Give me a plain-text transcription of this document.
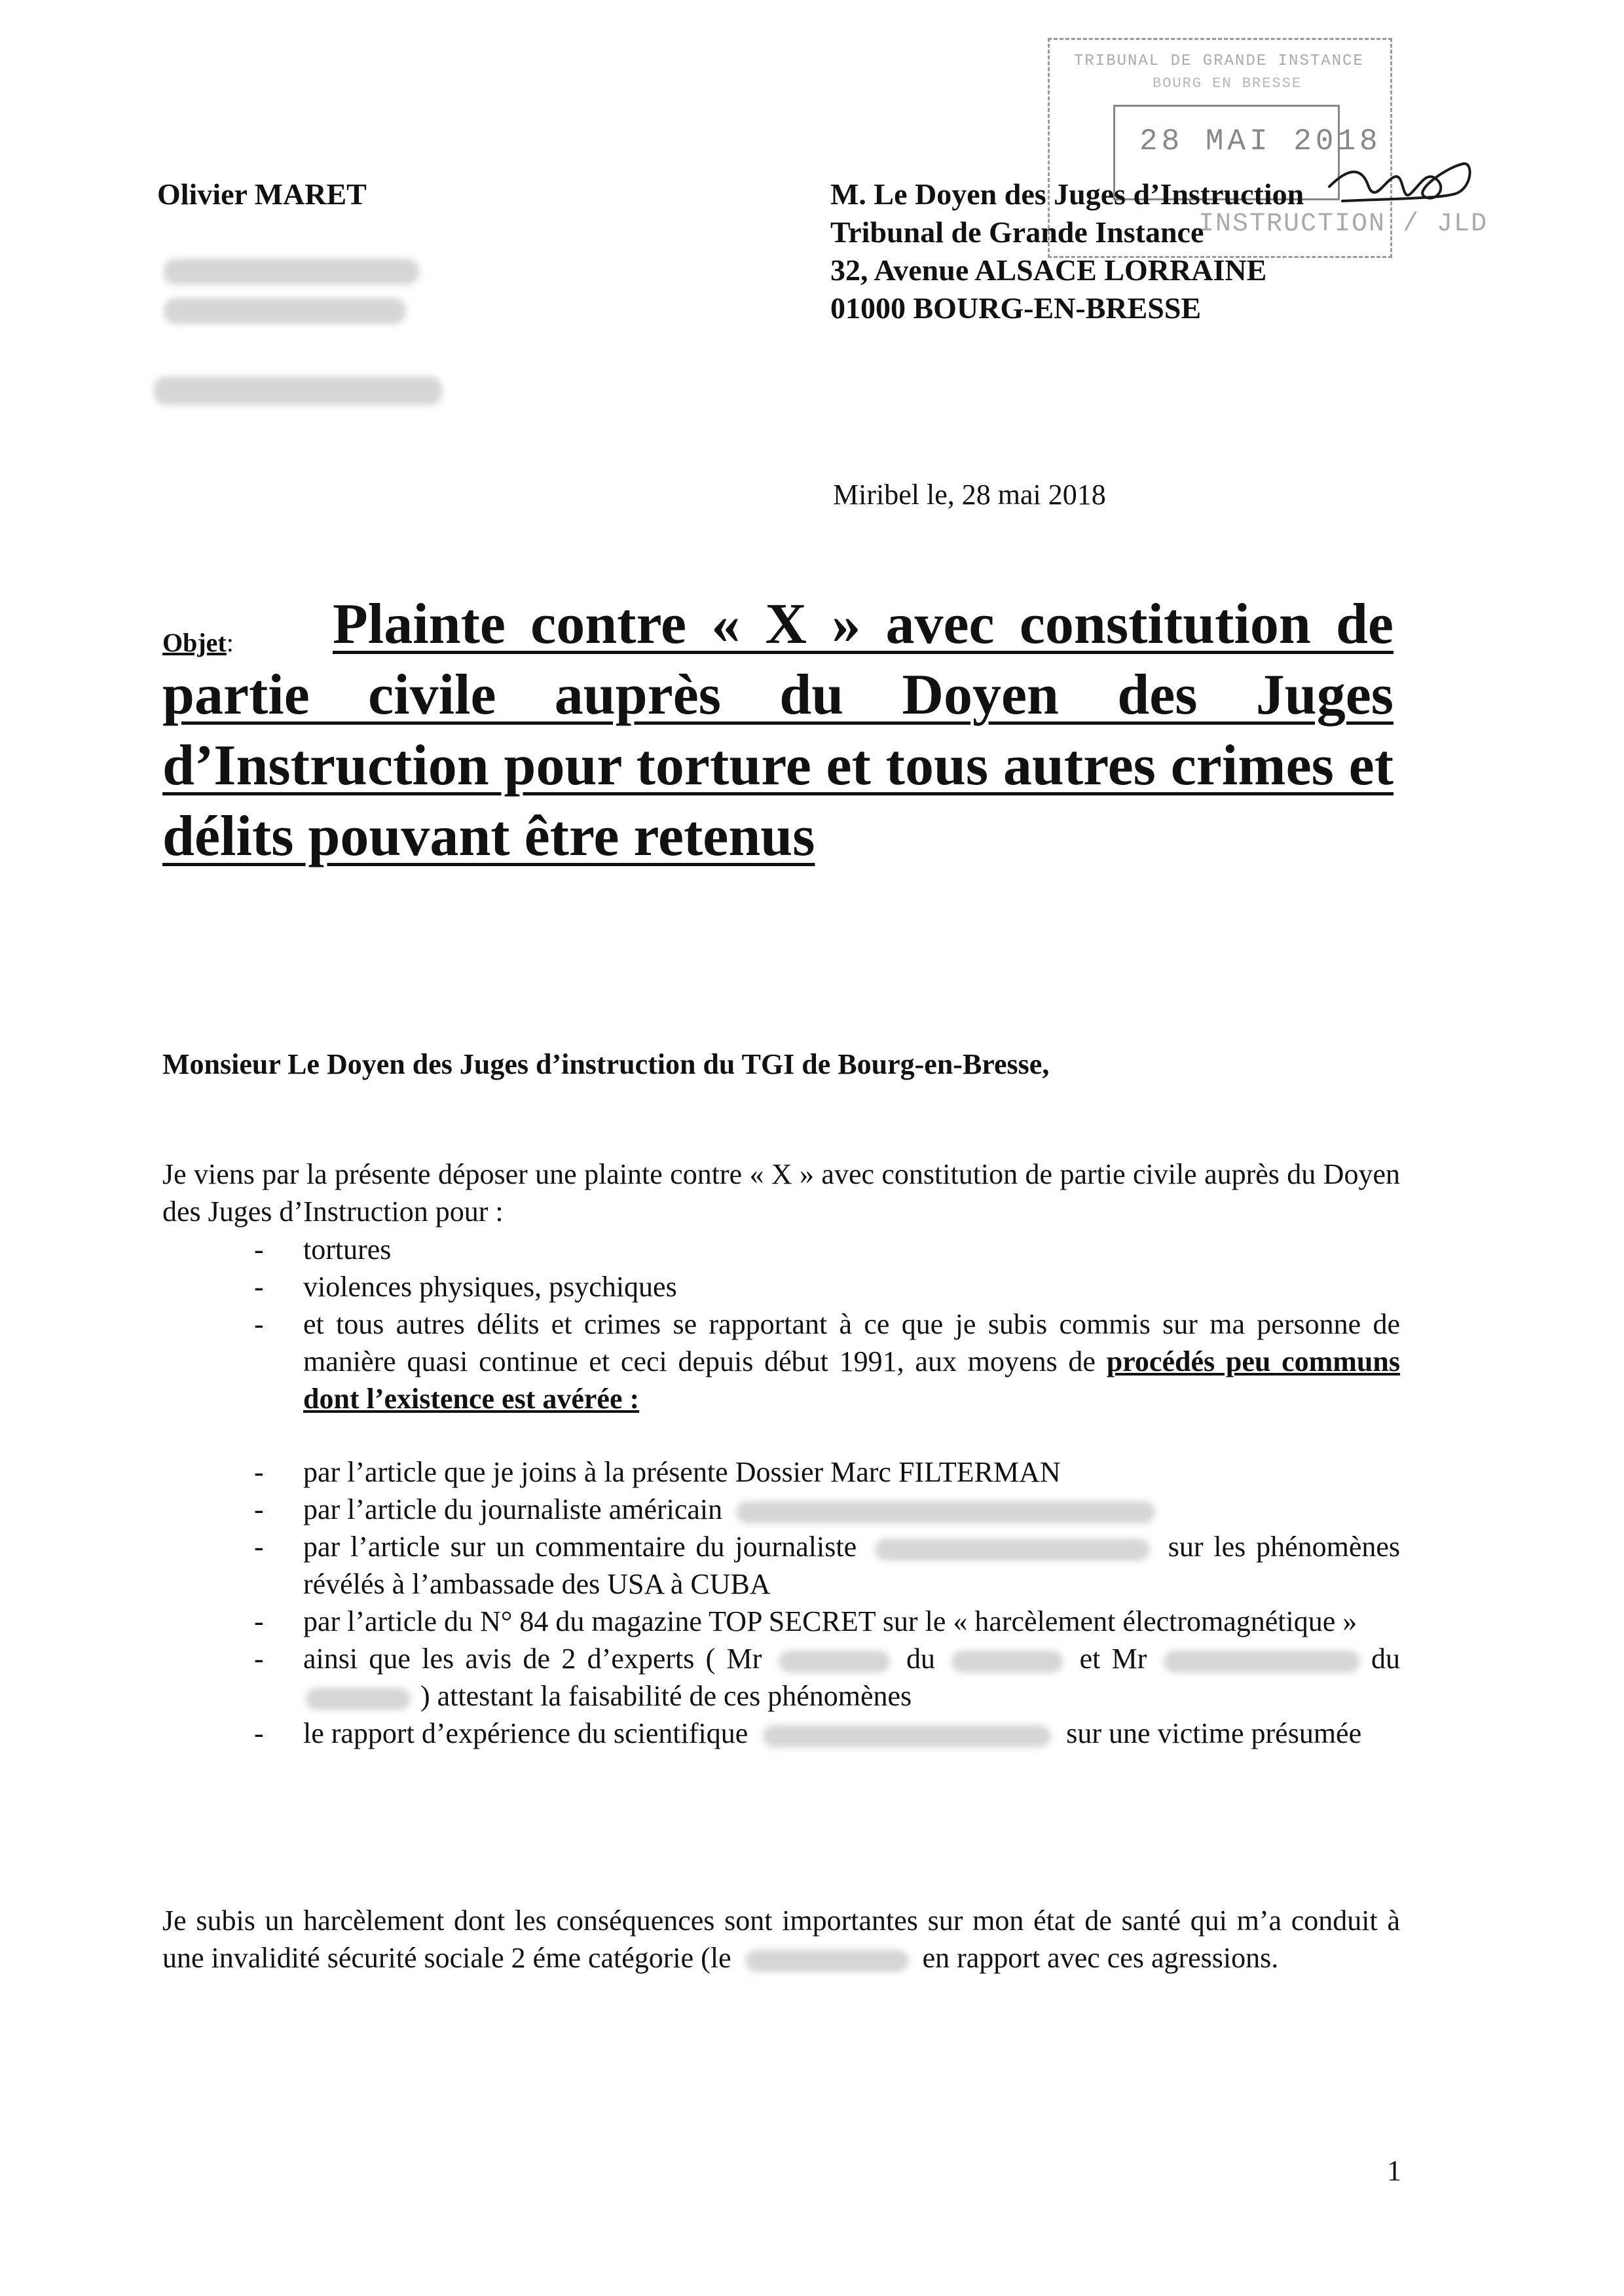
Olivier MARET
TRIBUNAL DE GRANDE INSTANCE
BOURG EN BRESSE
28 MAI 2018
INSTRUCTION / JLD
M. Le Doyen des Juges d’Instruction
Tribunal de Grande Instance
32, Avenue ALSACE LORRAINE
01000 BOURG-EN-BRESSE
Miribel le, 28 mai 2018
Objet:	Plainte contre « X » avec constitution de partie civile auprès du Doyen des Juges d’Instruction pour torture et tous autres crimes et délits pouvant être retenus
Monsieur Le Doyen des Juges d’instruction du TGI de Bourg-en-Bresse,
Je viens par la présente déposer une plainte contre « X » avec constitution de partie civile auprès du Doyen des Juges d’Instruction pour :
- tortures
- violences physiques, psychiques
- et tous autres délits et crimes se rapportant à ce que je subis commis sur ma personne de manière quasi continue et ceci depuis début 1991, aux moyens de procédés peu communs dont l’existence est avérée :
- par l’article que je joins à la présente Dossier Marc FILTERMAN
- par l’article du journaliste américain
- par l’article sur un commentaire du journaliste	sur les phénomènes révélés à l’ambassade des USA à CUBA
- par l’article du N° 84 du magazine TOP SECRET sur le « harcèlement électromagnétique »
- ainsi que les avis de 2 d’experts ( Mr	du	et Mr	du  ) attestant la faisabilité de ces phénomènes
- le rapport d’expérience du scientifique	sur une victime présumée
Je subis un harcèlement dont les conséquences sont importantes sur mon état de santé qui m’a conduit à une invalidité sécurité sociale 2 éme catégorie (le	en rapport avec ces agressions.
1
